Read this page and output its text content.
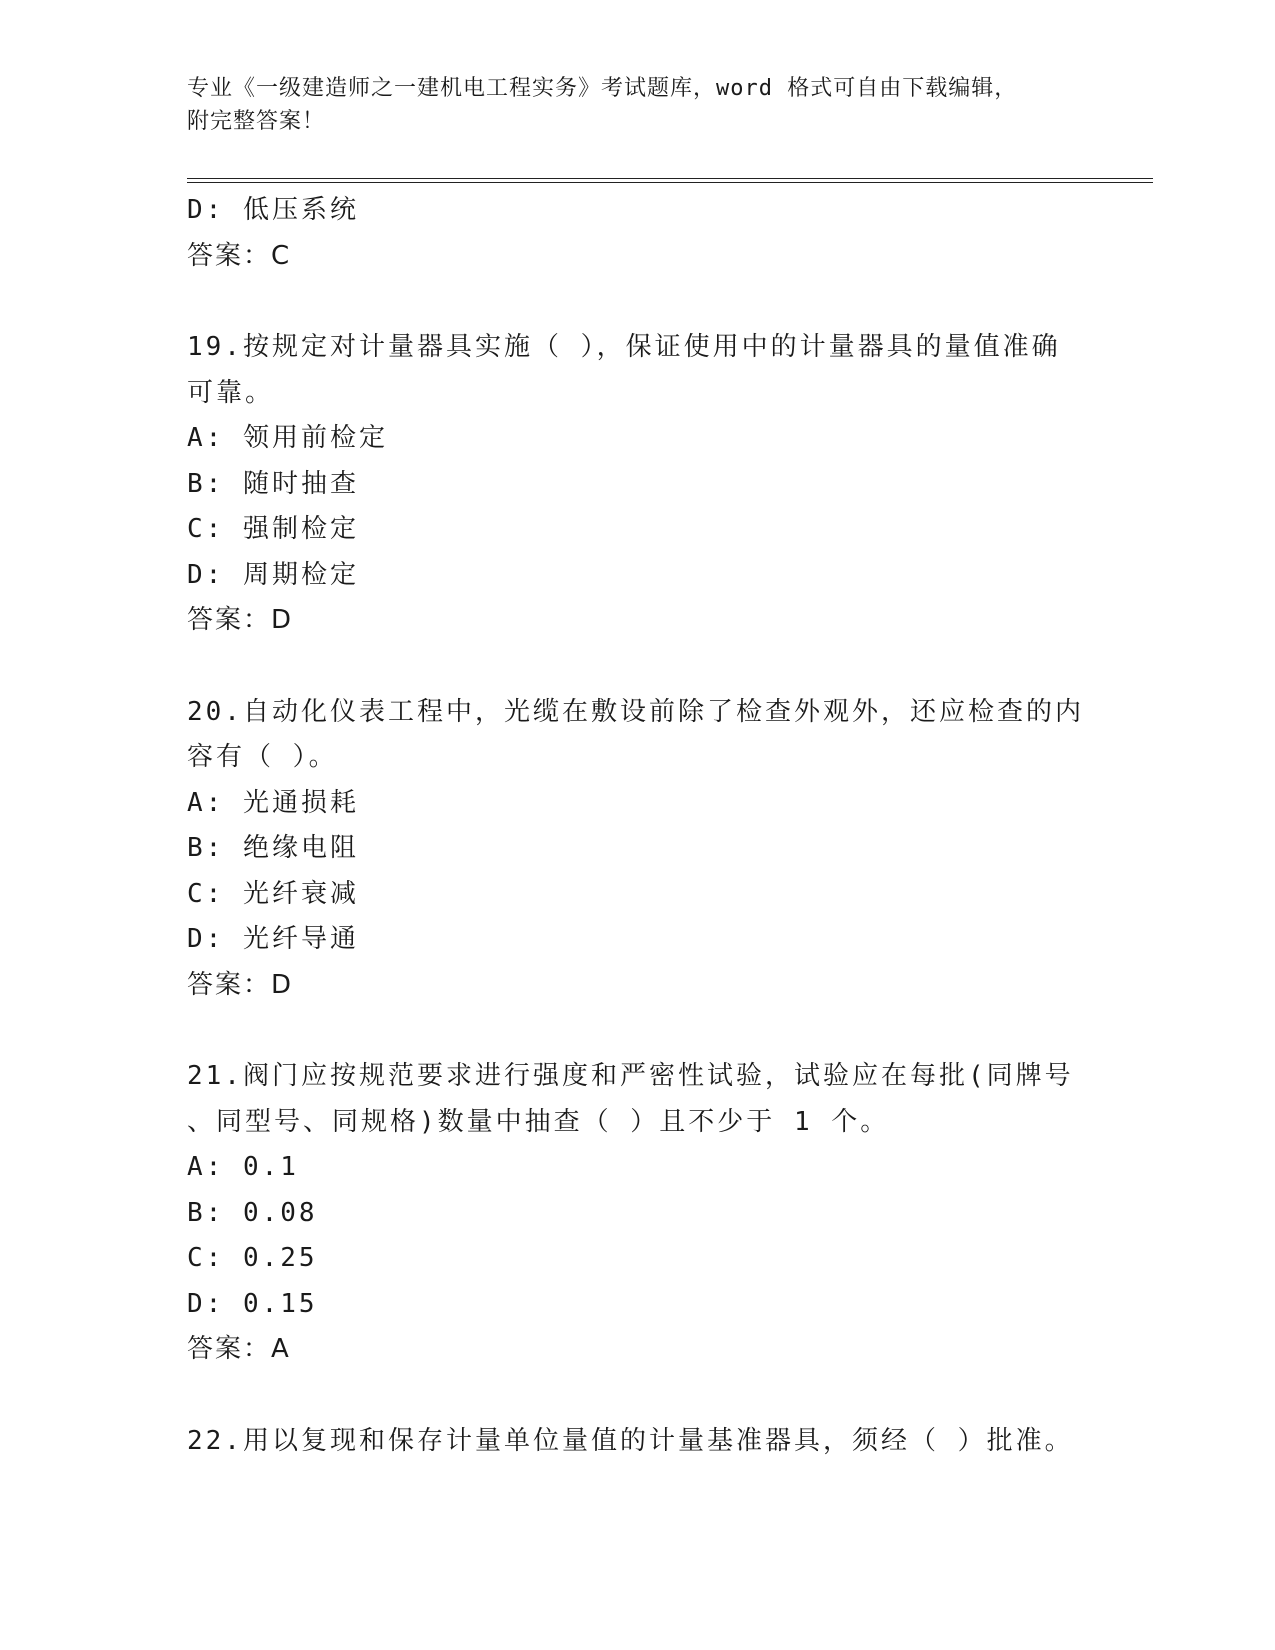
专业《一级建造师之一建机电工程实务》考试题库，word 格式可自由下载编辑，
附完整答案！
D: 低压系统
答案：C
19.按规定对计量器具实施（ ），保证使用中的计量器具的量值准确
可靠。
A: 领用前检定
B: 随时抽查
C: 强制检定
D: 周期检定
答案：D
20.自动化仪表工程中，光缆在敷设前除了检查外观外，还应检查的内
容有（ ）。
A: 光通损耗
B: 绝缘电阻
C: 光纤衰减
D: 光纤导通
答案：D
21.阀门应按规范要求进行强度和严密性试验，试验应在每批(同牌号
、同型号、同规格)数量中抽查（ ）且不少于 1 个。
A: 0.1
B: 0.08
C: 0.25
D: 0.15
答案：A
22.用以复现和保存计量单位量值的计量基准器具，须经（ ）批准。
